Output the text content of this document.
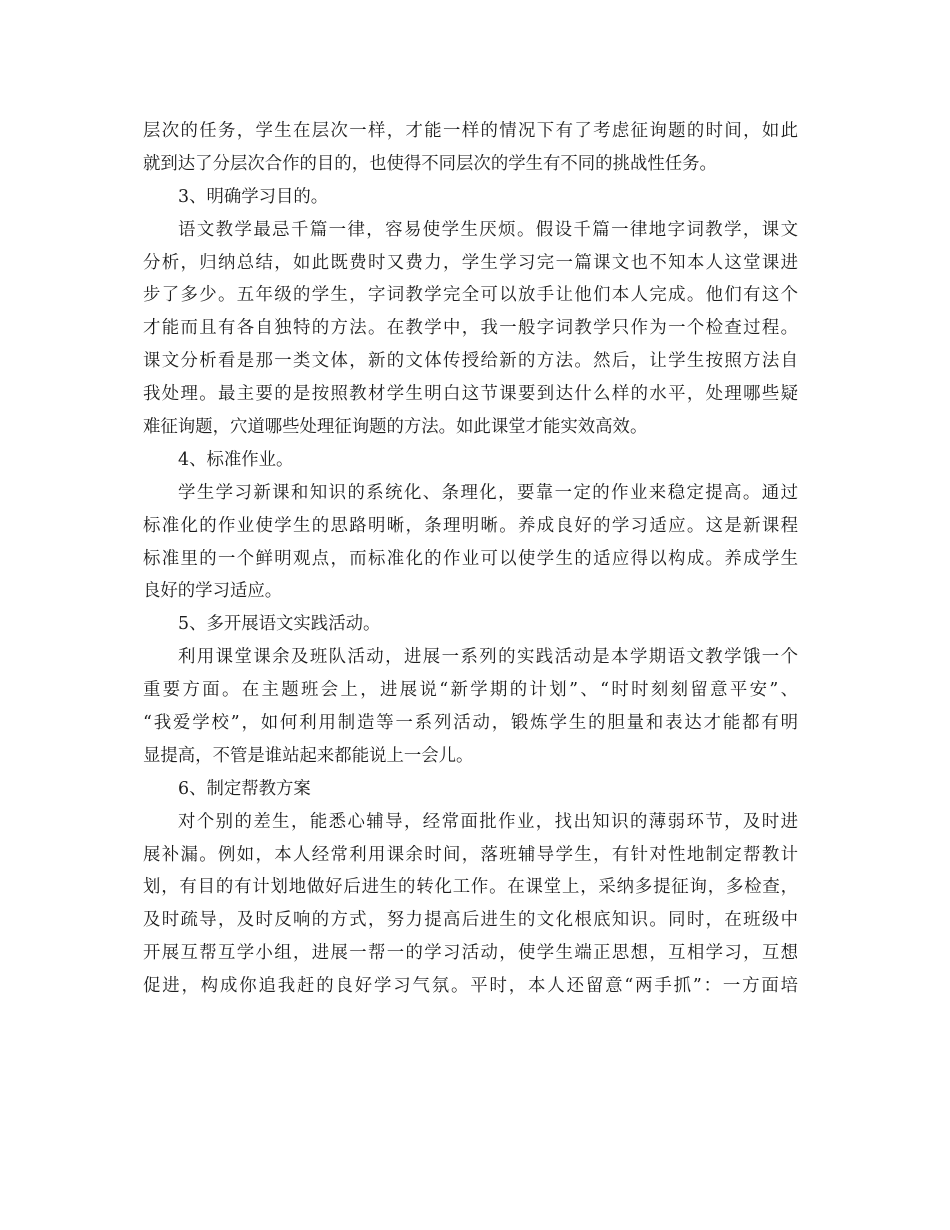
层次的任务，学生在层次一样，才能一样的情况下有了考虑征询题的时间，如此
就到达了分层次合作的目的，也使得不同层次的学生有不同的挑战性任务。
3、明确学习目的。
语文教学最忌千篇一律，容易使学生厌烦。假设千篇一律地字词教学，课文
分析，归纳总结，如此既费时又费力，学生学习完一篇课文也不知本人这堂课进
步了多少。五年级的学生，字词教学完全可以放手让他们本人完成。他们有这个
才能而且有各自独特的方法。在教学中，我一般字词教学只作为一个检查过程。
课文分析看是那一类文体，新的文体传授给新的方法。然后，让学生按照方法自
我处理。最主要的是按照教材学生明白这节课要到达什么样的水平，处理哪些疑
难征询题，穴道哪些处理征询题的方法。如此课堂才能实效高效。
4、标准作业。
学生学习新课和知识的系统化、条理化，要靠一定的作业来稳定提高。通过
标准化的作业使学生的思路明晰，条理明晰。养成良好的学习适应。这是新课程
标准里的一个鲜明观点，而标准化的作业可以使学生的适应得以构成。养成学生
良好的学习适应。
5、多开展语文实践活动。
利用课堂课余及班队活动，进展一系列的实践活动是本学期语文教学饿一个
重要方面。在主题班会上，进展说“新学期的计划”、“时时刻刻留意平安”、
“我爱学校”，如何利用制造等一系列活动，锻炼学生的胆量和表达才能都有明
显提高，不管是谁站起来都能说上一会儿。
6、制定帮教方案
对个别的差生，能悉心辅导，经常面批作业，找出知识的薄弱环节，及时进
展补漏。例如，本人经常利用课余时间，落班辅导学生，有针对性地制定帮教计
划，有目的有计划地做好后进生的转化工作。在课堂上，采纳多提征询，多检查，
及时疏导，及时反响的方式，努力提高后进生的文化根底知识。同时，在班级中
开展互帮互学小组，进展一帮一的学习活动，使学生端正思想，互相学习，互想
促进，构成你追我赶的良好学习气氛。平时，本人还留意“两手抓”：一方面培
